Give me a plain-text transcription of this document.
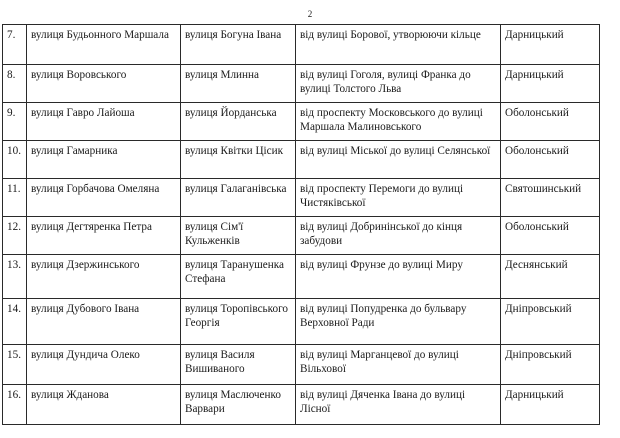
2
7.	вулиця Будьонного Маршала	вулиця Богуна Івана	від вулиці Борової, утворюючи кільце	Дарницький
8.	вулиця Воровського	вулиця Млинна	від вулиці Гоголя, вулиці Франка до вулиці Толстого Льва	Дарницький
9.	вулиця Гавро Лайоша	вулиця Йорданська	від проспекту Московського до вулиці Маршала Малиновського	Оболонський
10.	вулиця Гамарника	вулиця Квітки Цісик	від вулиці Міської до вулиці Селянської	Оболонський
11.	вулиця Горбачова Омеляна	вулиця Галаганівська	від проспекту Перемоги до вулиці Чистяківської	Святошинський
12.	вулиця Дегтяренка Петра	вулиця Сім'ї Кульженків	від вулиці Добринінської до кінця забудови	Оболонський
13.	вулиця Дзержинського	вулиця Таранушенка Стефана	від вулиці Фрунзе до вулиці Миру	Деснянський
14.	вулиця Дубового Івана	вулиця Торопівського Георгія	від вулиці Попудренка до бульвару Верховної Ради	Дніпровський
15.	вулиця Дундича Олеко	вулиця Василя Вишиваного	від вулиці Марганцевої до вулиці Вільхової	Дніпровський
16.	вулиця Жданова	вулиця Маслюченко Варвари	від вулиці Дяченка Івана до вулиці Лісної	Дарницький
